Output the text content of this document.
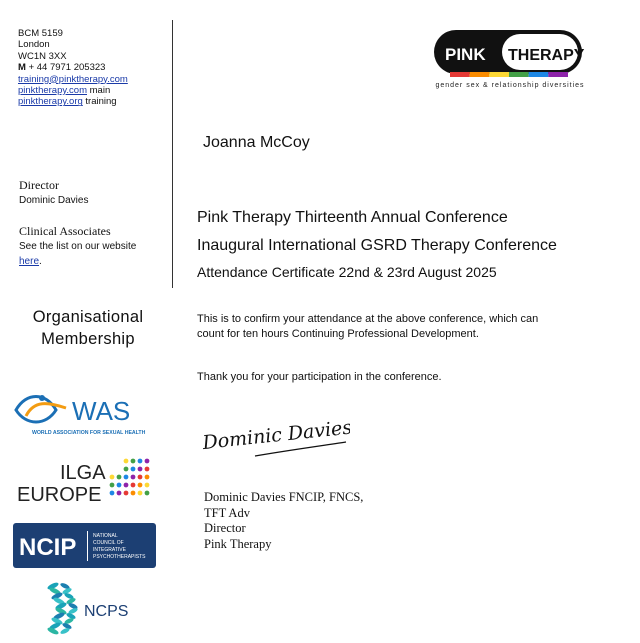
BCM 5159
London
WC1N 3XX
M + 44 7971 205323
training@pinktherapy.com
pinktherapy.com main
pinktherapy.org training
PINK THERAPY
gender sex & relationship diversities
Director
Dominic Davies
Clinical Associates
See the list on our website
here.
Organisational
Membership
WAS
WORLD ASSOCIATION FOR SEXUAL HEALTH
ILGA
EUROPE
NCIP	NATIONAL
COUNCIL OF
INTEGRATIVE
PSYCHOTHERAPISTS
NCPS
Joanna McCoy
Pink Therapy Thirteenth Annual Conference
Inaugural International GSRD Therapy Conference
Attendance Certificate 22nd & 23rd August 2025
This is to confirm your attendance at the above conference, which can
count for ten hours Continuing Professional Development.
Thank you for your participation in the conference.
Dominic Davies
Dominic Davies FNCIP, FNCS,
TFT Adv
Director
Pink Therapy
